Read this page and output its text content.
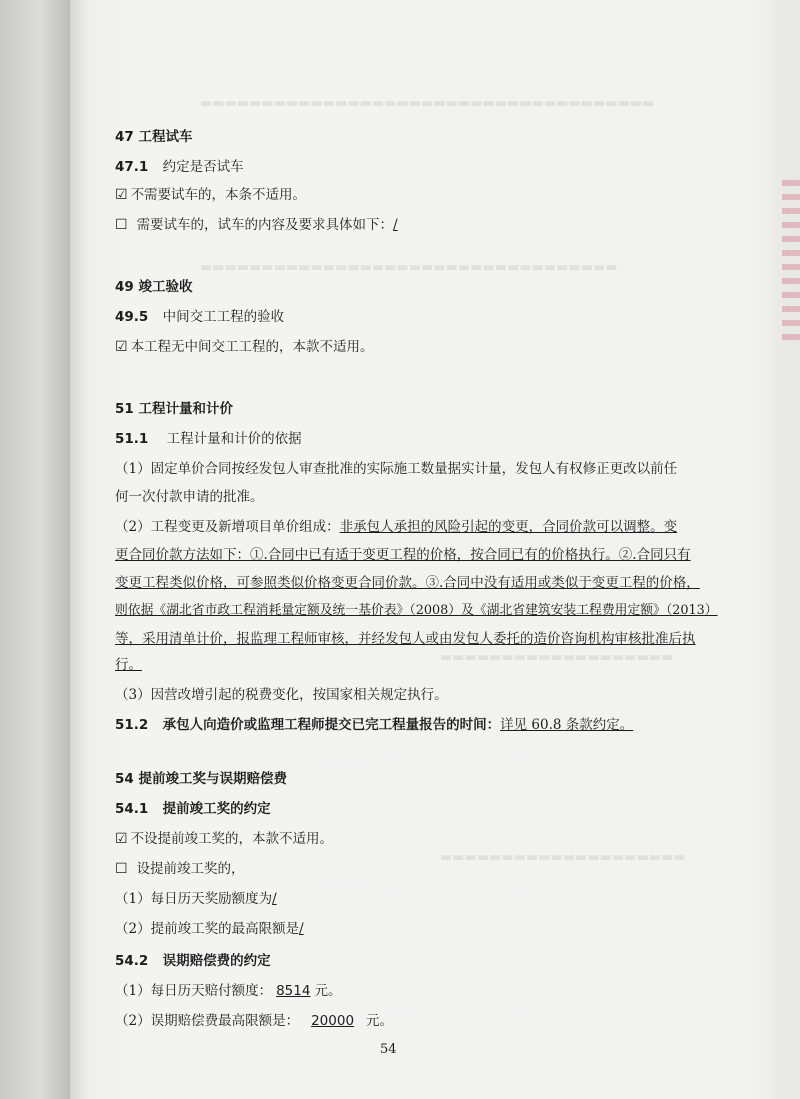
▬▬▬▬▬▬▬▬▬▬▬▬▬▬▬▬▬▬▬▬▬▬▬▬▬▬▬▬▬▬▬▬▬▬▬▬▬
▬▬▬▬▬▬▬▬▬▬▬▬▬▬▬▬▬▬▬▬▬▬▬▬▬▬▬▬▬▬▬▬▬▬
▬▬▬▬▬▬▬▬▬▬▬▬▬▬▬▬▬▬▬
▬▬▬▬▬▬▬▬▬▬▬▬▬▬▬▬▬▬▬▬
47 工程试车
47.1 约定是否试车
☑ 不需要试车的，本条不适用。
☐ 需要试车的，试车的内容及要求具体如下：/
49 竣工验收
49.5 中间交工工程的验收
☑ 本工程无中间交工工程的，本款不适用。
51 工程计量和计价
51.1 工程计量和计价的依据
（1）固定单价合同按经发包人审查批准的实际施工数量据实计量，发包人有权修正更改以前任
何一次付款申请的批准。
（2）工程变更及新增项目单价组成：非承包人承担的风险引起的变更，合同价款可以调整。变
更合同价款方法如下：①.合同中已有适于变更工程的价格，按合同已有的价格执行。②.合同只有
变更工程类似价格，可参照类似价格变更合同价款。③.合同中没有适用或类似于变更工程的价格，
则依据《湖北省市政工程消耗量定额及统一基价表》（2008）及《湖北省建筑安装工程费用定额》（2013）
等，采用清单计价，报监理工程师审核，并经发包人或由发包人委托的造价咨询机构审核批准后执
行。
（3）因营改增引起的税费变化，按国家相关规定执行。
51.2 承包人向造价或监理工程师提交已完工程量报告的时间：详见 60.8 条款约定。
54 提前竣工奖与误期赔偿费
54.1 提前竣工奖的约定
☑ 不设提前竣工奖的，本款不适用。
☐ 设提前竣工奖的，
（1）每日历天奖励额度为/
（2）提前竣工奖的最高限额是/
54.2 误期赔偿费的约定
（1）每日历天赔付额度： 8514 元。
（2）误期赔偿费最高限额是： 20000 元。
54
